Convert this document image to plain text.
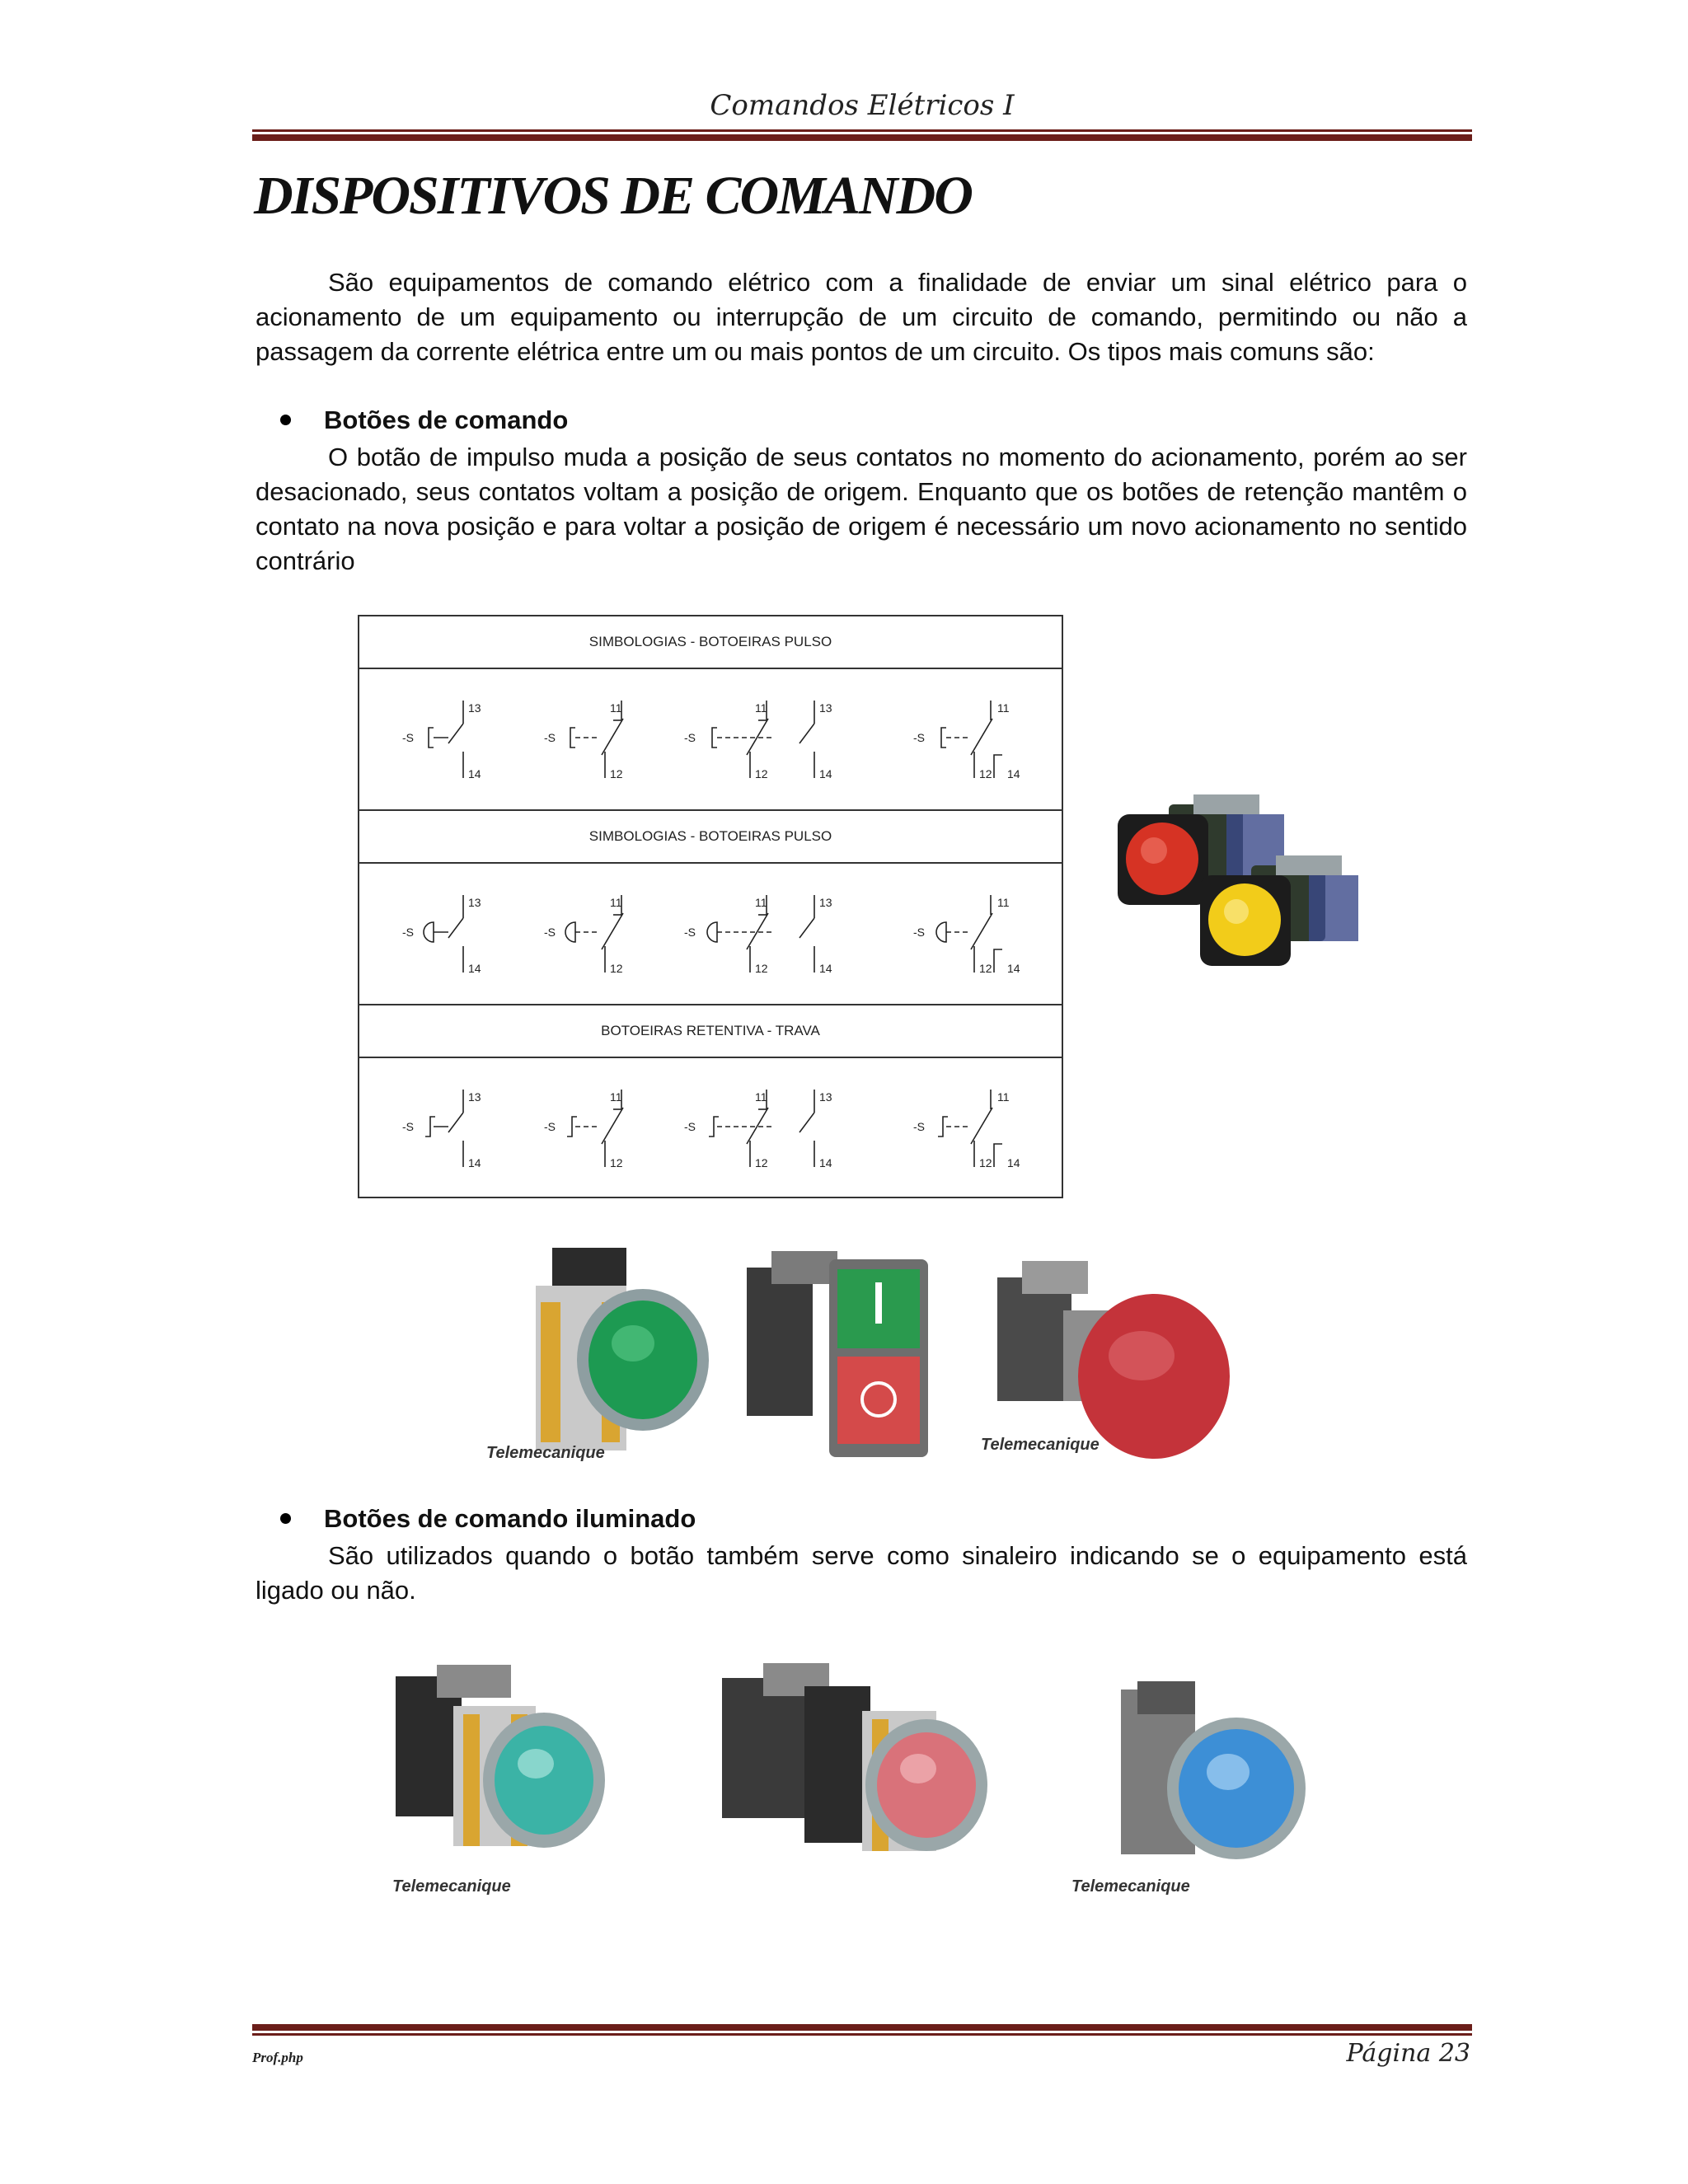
Comandos Elétricos I
DISPOSITIVOS DE COMANDO

São equipamentos de comando elétrico com a finalidade de enviar um sinal elétrico para o acionamento de um equipamento ou interrupção de um circuito de comando, permitindo ou não a passagem da corrente elétrica entre um ou mais pontos de um circuito. Os tipos mais comuns são:

Botões de comando

O botão de impulso muda a posição de seus contatos no momento do acionamento, porém ao ser desacionado, seus contatos voltam a posição de origem. Enquanto que os botões de retenção mantêm o contato na nova posição e para voltar a posição de origem é necessário um novo acionamento no sentido contrário

SIMBOLOGIAS - BOTOEIRAS PULSO
-S
13
14
-S
11
12
-S
11
12
13
14
-S
11
12 14
SIMBOLOGIAS - BOTOEIRAS PULSO
-S
13
14
-S
11
12
-S
11
12
13
14
-S
11
12 14
BOTOEIRAS RETENTIVA - TRAVA
-S
13
14
-S
11
12
-S
11
12
13
14
-S
11
12 14
Telemecanique	Telemecanique
Botões de comando iluminado

São utilizados quando o botão também serve como sinaleiro indicando se o equipamento está ligado ou não.

Telemecanique	Telemecanique
Prof.php	Página 23
